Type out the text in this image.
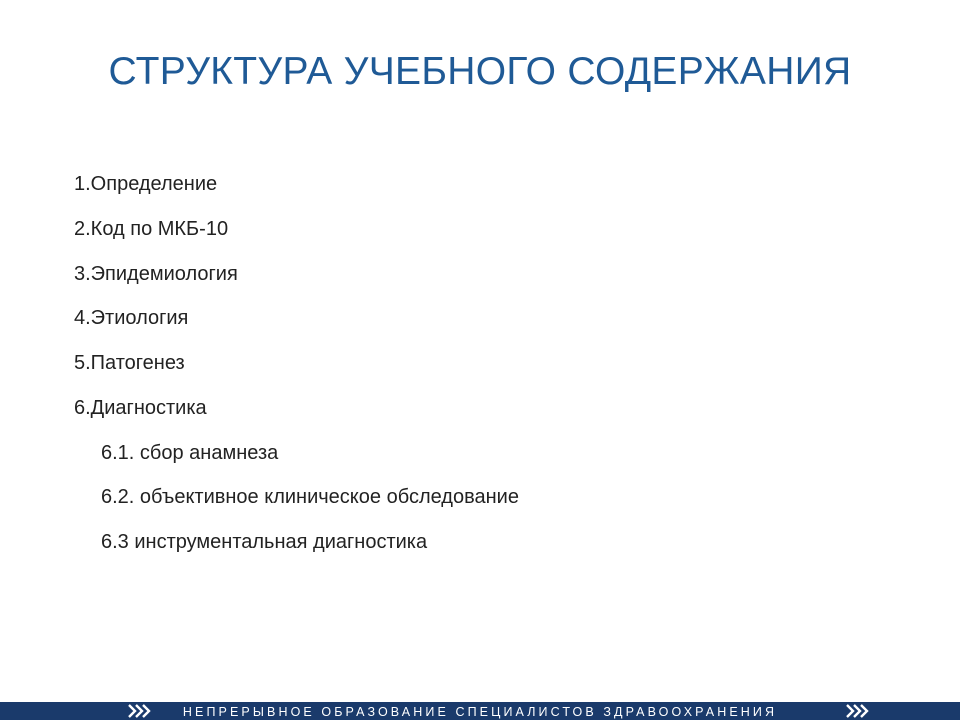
СТРУКТУРА УЧЕБНОГО СОДЕРЖАНИЯ
1.Определение
2.Код по МКБ-10
3.Эпидемиология
4.Этиология
5.Патогенез
6.Диагностика
6.1. сбор анамнеза
6.2. объективное клиническое обследование
6.3 инструментальная диагностика
НЕПРЕРЫВНОЕ ОБРАЗОВАНИЕ СПЕЦИАЛИСТОВ ЗДРАВООХРАНЕНИЯ
